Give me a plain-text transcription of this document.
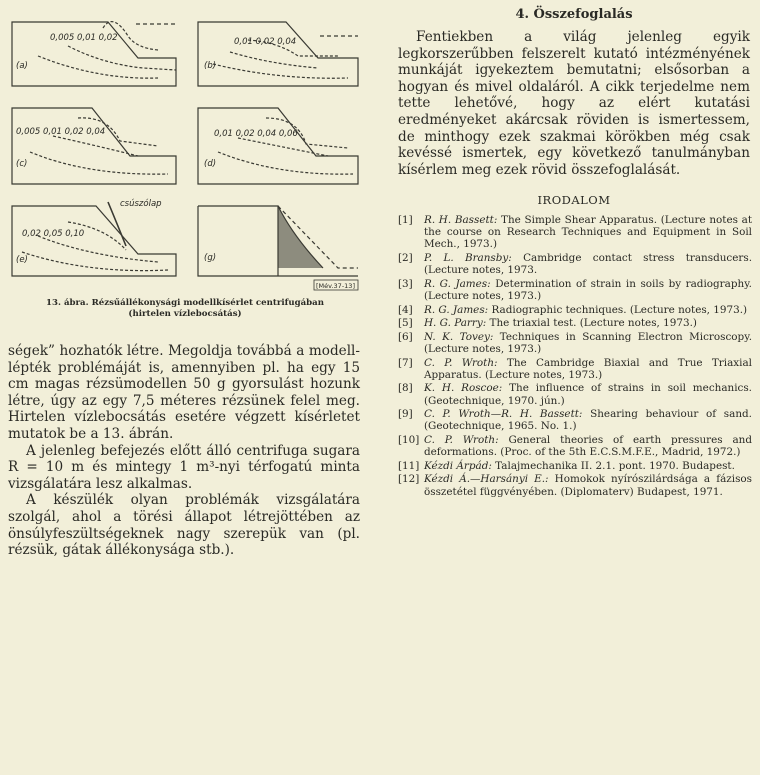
(a)
0,005 0,01 0,02
(b)
0,01 0,02 0,04
(c)
0,005 0,01 0,02 0,04
(d)
0,01 0,02 0,04 0,06
(e)
0,02 0,05 0,10
csúszólap
(g)
[Mév.37-13]
13. ábra. Rézsűállékonysági modellkísérlet centrifugában
(hirtelen vízlebocsátás)

ségek” hozhatók létre. Megoldja továbbá a modell-lépték problémáját is, amennyiben pl. ha egy 15 cm magas rézsümodellen 50 g gyorsulást hozunk létre, úgy az egy 7,5 méteres rézsünek felel meg. Hirtelen vízlebocsátás esetére végzett kísérletet mutatok be a 13. ábrán.

A jelenleg befejezés előtt álló centrifuga sugara R = 10 m és mintegy 1 m³-nyi térfogatú minta vizsgálatára lesz alkalmas.

A készülék olyan problémák vizsgálatára szolgál, ahol a törési állapot létrejöttében az önsúlyfeszültségeknek nagy szerepük van (pl. rézsük, gátak állékonysága stb.).

4. Összefoglalás

Fentiekben a világ jelenleg egyik legkorszerűbben felszerelt kutató intézményének munkáját igyekeztem bemutatni; elsősorban a hogyan és mivel oldaláról. A cikk terjedelme nem tette lehetővé, hogy az elért kutatási eredményeket akárcsak röviden is ismertessem, de minthogy ezek szakmai körökben még csak kevéssé ismertek, egy következő tanulmányban kísérlem meg ezek rövid összefoglalását.

IRODALOM
[1]	R. H. Bassett: The Simple Shear Apparatus. (Lecture notes at the course on Research Techniques and Equipment in Soil Mech., 1973.)
[2]	P. L. Bransby: Cambridge contact stress transducers. (Lecture notes, 1973.
[3]	R. G. James: Determination of strain in soils by radiography. (Lecture notes, 1973.)
[4]	R. G. James: Radiographic techniques. (Lecture notes, 1973.)
[5]	H. G. Parry: The triaxial test. (Lecture notes, 1973.)
[6]	N. K. Tovey: Techniques in Scanning Electron Microscopy. (Lecture notes, 1973.)
[7]	C. P. Wroth: The Cambridge Biaxial and True Triaxial Apparatus. (Lecture notes, 1973.)
[8]	K. H. Roscoe: The influence of strains in soil mechanics. (Geotechnique, 1970. jún.)
[9]	C. P. Wroth—R. H. Bassett: Shearing behaviour of sand. (Geotechnique, 1965. No. 1.)
[10] C. P. Wroth: General theories of earth pressures and deformations. (Proc. of the 5th E.C.S.M.F.E., Madrid, 1972.)
[11] Kézdi Árpád: Talajmechanika II. 2.1. pont. 1970. Budapest.
[12] Kézdi Á.—Harsányi E.: Homokok nyírószilárdsága a fázisos összetétel függvényében. (Diplomaterv) Budapest, 1971.
